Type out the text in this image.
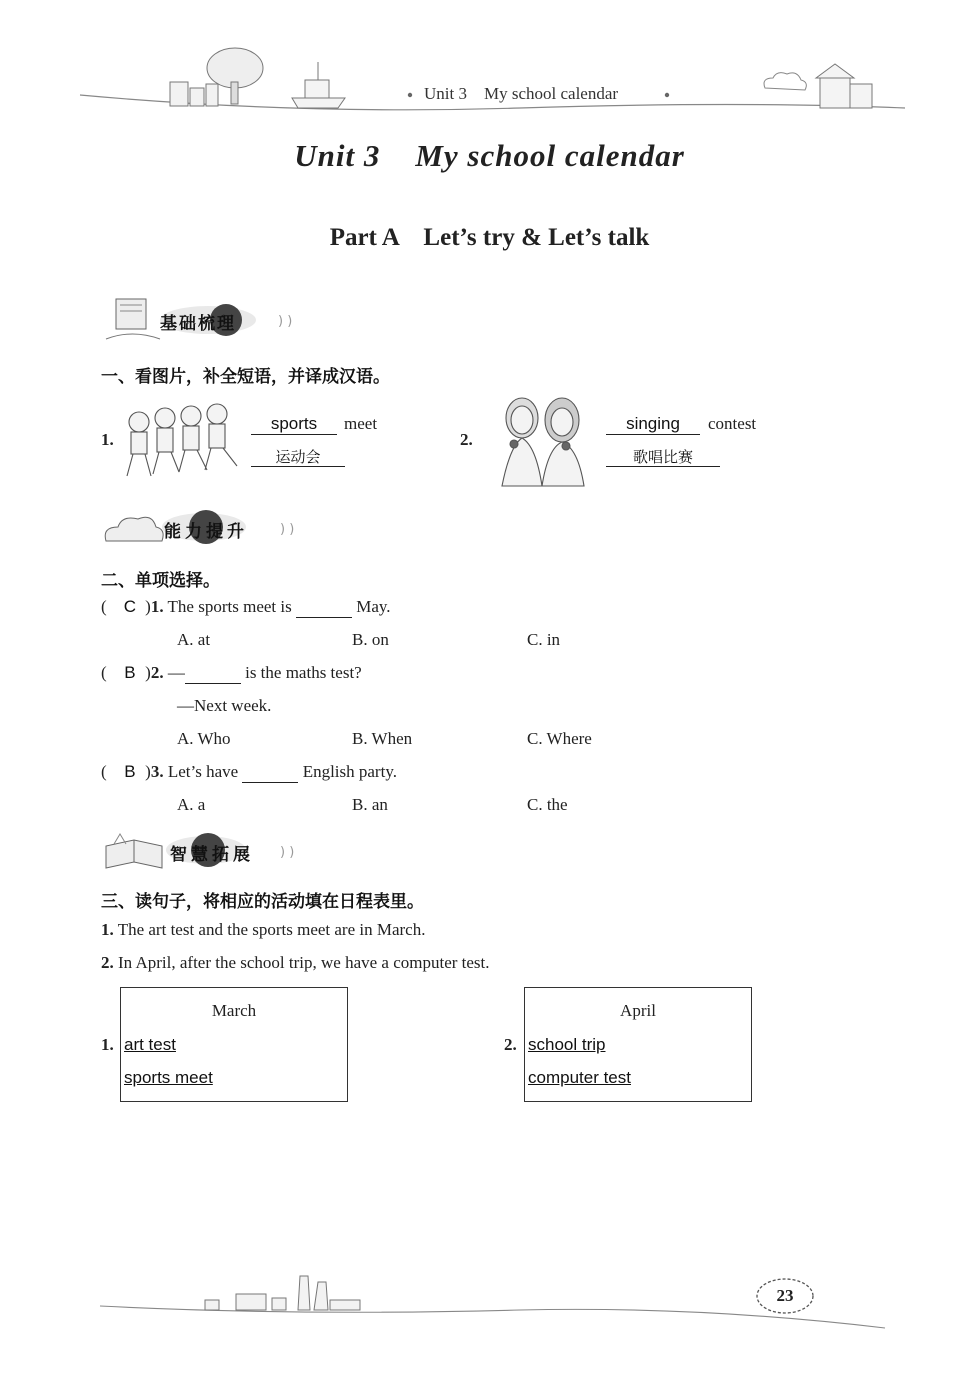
Unit 3    My school calendar
Unit 3    My school calendar
Part A    Let’s try & Let’s talk
) )
基础梳理
一、看图片，补全短语，并译成汉语。
1.
sports	meet
运动会
2.
singing	contest
歌唱比赛
) )
能力提升
二、单项选择。
( C )1. The sports meet is	May.
A. at	B. on	C. in
( B )2. —	is the maths test?
—Next week.
A. Who	B. When	C. Where
( B )3. Let’s have	English party.
A. a	B. an	C. the
) )
智慧拓展
三、读句子，将相应的活动填在日程表里。
1. The art test and the sports meet are in March.
2. In April, after the school trip, we have a computer test.
1.
March
art test
sports meet
2.
April
school trip
computer test
23
